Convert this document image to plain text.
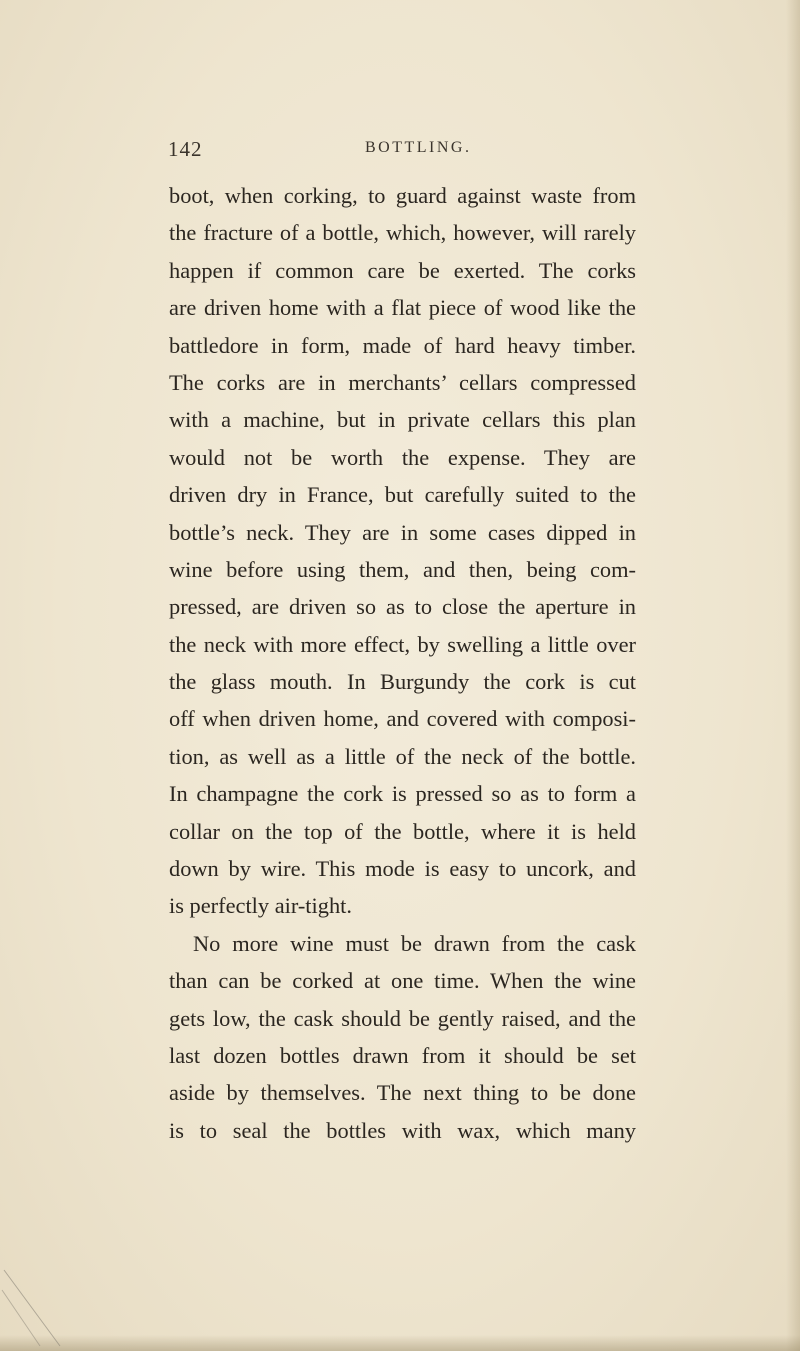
142	BOTTLING.
boot, when corking, to guard against waste from
the fracture of a bottle, which, however, will rarely
happen if common care be exerted. The corks
are driven home with a flat piece of wood like the
battledore in form, made of hard heavy timber.
The corks are in merchants’ cellars compressed
with a machine, but in private cellars this plan
would not be worth the expense. They are
driven dry in France, but carefully suited to the
bottle’s neck. They are in some cases dipped in
wine before using them, and then, being com-
pressed, are driven so as to close the aperture in
the neck with more effect, by swelling a little over
the glass mouth. In Burgundy the cork is cut
off when driven home, and covered with composi-
tion, as well as a little of the neck of the bottle.
In champagne the cork is pressed so as to form a
collar on the top of the bottle, where it is held
down by wire. This mode is easy to uncork, and
is perfectly air-tight.
No more wine must be drawn from the cask
than can be corked at one time. When the wine
gets low, the cask should be gently raised, and the
last dozen bottles drawn from it should be set
aside by themselves. The next thing to be done
is to seal the bottles with wax, which many
